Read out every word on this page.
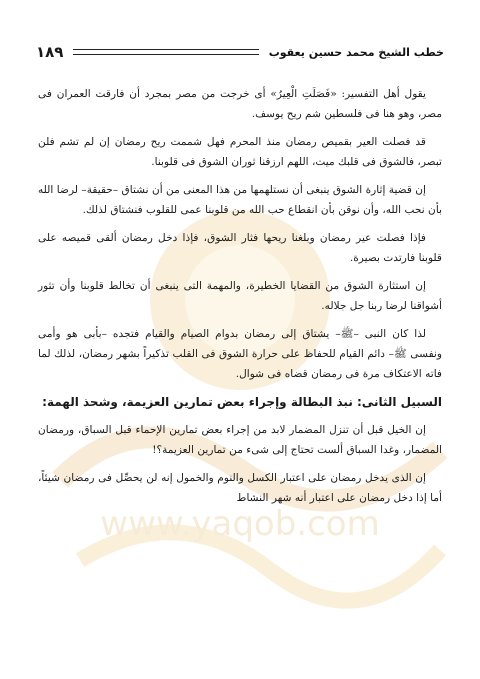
www.yaqob.com
خطب الشيخ محمد حسين يعقوب
١٨٩

يقول أهل التفسير: «فَصَلَتِ الْعِيرُ» أى خرجت من مصر بمجرد أن فارقت العمران فى مصر، وهو هنا فى فلسطين شم ريح يوسف.

قد فصلت العير بقميص رمضان منذ المحرم فهل شممت ريح رمضان إن لم تشم فلن تبصر، فالشوق فى قلبك ميت، اللهم ارزقنا ثوران الشوق فى قلوبنا.

إن قضية إثارة الشوق ينبغى أن نستلهمها من هذا المعنى من أن نشتاق –حقيقة– لرضا الله بأن نحب الله، وأن نوقن بأن انقطاع حب الله من قلوبنا عمى للقلوب فنشتاق لذلك.

فإذا فصلت عير رمضان وبلغنا ريحها فثار الشوق، فإذا دخل رمضان ألقى قميصه على قلوبنا فارتدت بصيرة.

إن استثارة الشوق من القضايا الخطيرة، والمهمة التى ينبغى أن تخالط قلوبنا وأن تثور أشواقنا لرضا ربنا جل جلاله.

لذا كان النبى –ﷺ– يشتاق إلى رمضان بدوام الصيام والقيام فتجده –بأبى هو وأمى ونفسى ﷺ– دائم القيام للحفاظ على حرارة الشوق فى القلب تذكيراً بشهر رمضان، لذلك لما فاته الاعتكاف مرة فى رمضان قضاه فى شوال.

السبيل الثانى: نبذ البطالة وإجراء بعض تمارين العزيمة، وشحذ الهمة:

إن الخيل قبل أن تنزل المضمار لابد من إجراء بعض تمارين الإحماء قبل السباق، ورمضان المضمار، وغدا السباق ألست تحتاج إلى شىء من تمارين العزيمة؟!

إن الذى يدخل رمضان على اعتبار الكسل والنوم والخمول إنه لن يحصِّل فى رمضان شيئاً، أما إذا دخل رمضان على اعتبار أنه شهر النشاط
